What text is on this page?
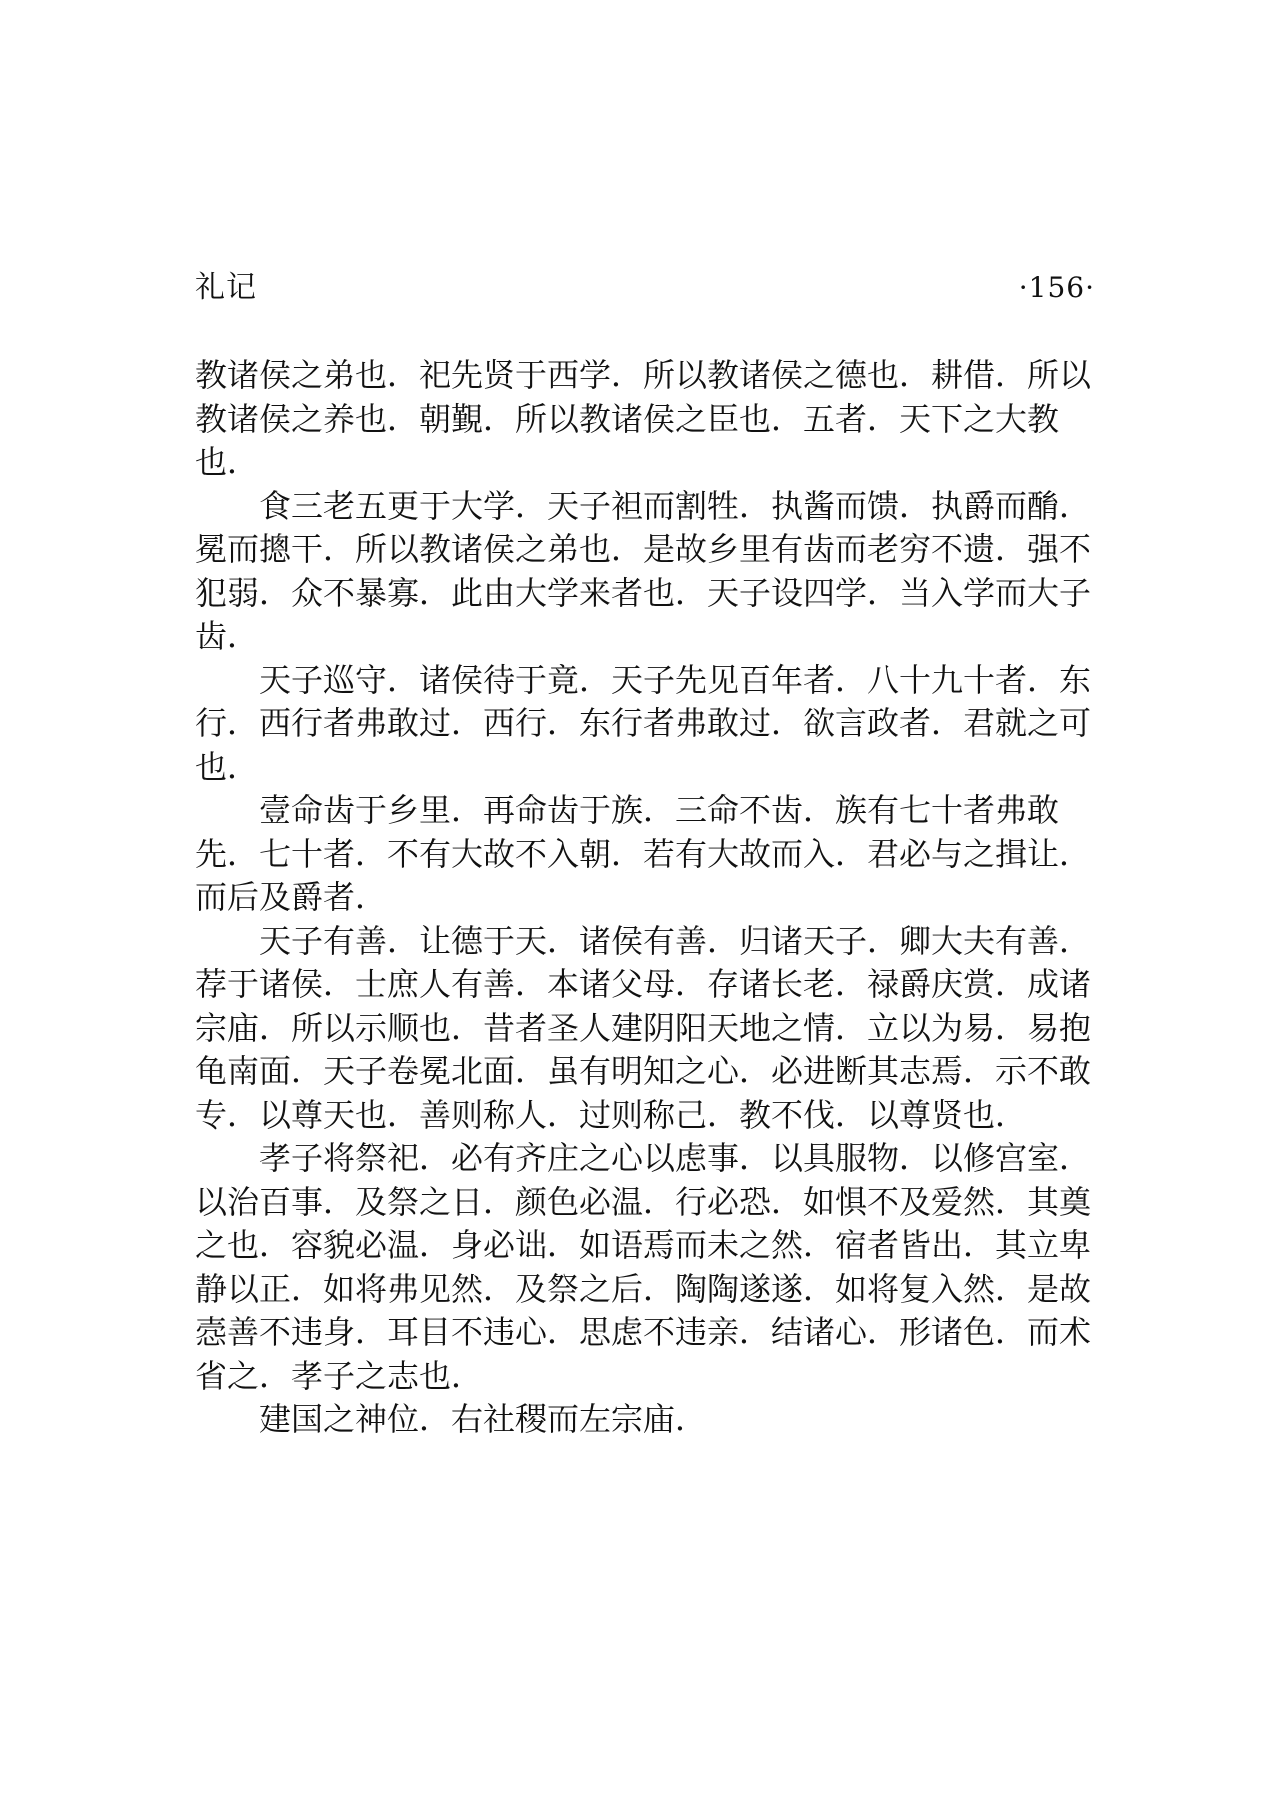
礼记	·156·

教诸侯之弟也．祀先贤于西学．所以教诸侯之德也．耕借．所以教诸侯之养也．朝覲．所以教诸侯之臣也．五者．天下之大教也．

食三老五更于大学．天子袒而割牲．执酱而馈．执爵而酳．冕而摠干．所以教诸侯之弟也．是故乡里有齿而老穷不遗．强不犯弱．众不暴寡．此由大学来者也．天子设四学．当入学而大子齿．

天子巡守．诸侯待于竟．天子先见百年者．八十九十者．东行．西行者弗敢过．西行．东行者弗敢过．欲言政者．君就之可也．

壹命齿于乡里．再命齿于族．三命不齿．族有七十者弗敢先．七十者．不有大故不入朝．若有大故而入．君必与之揖让．而后及爵者．

天子有善．让德于天．诸侯有善．归诸天子．卿大夫有善．荐于诸侯．士庶人有善．本诸父母．存诸长老．禄爵庆赏．成诸宗庙．所以示顺也．昔者圣人建阴阳天地之情．立以为易．易抱龟南面．天子卷冕北面．虽有明知之心．必进断其志焉．示不敢专．以尊天也．善则称人．过则称己．教不伐．以尊贤也．

孝子将祭祀．必有齐庄之心以虑事．以具服物．以修宫室．以治百事．及祭之日．颜色必温．行必恐．如惧不及爱然．其奠之也．容貌必温．身必诎．如语焉而未之然．宿者皆出．其立卑静以正．如将弗见然．及祭之后．陶陶遂遂．如将复入然．是故悫善不违身．耳目不违心．思虑不违亲．结诸心．形诸色．而术省之．孝子之志也．

建国之神位．右社稷而左宗庙．
